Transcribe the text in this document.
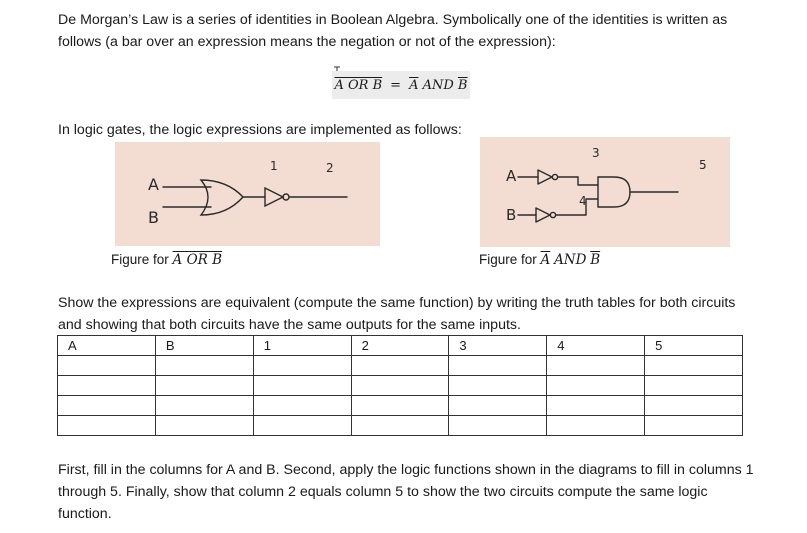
De Morgan’s Law is a series of identities in Boolean Algebra. Symbolically one of the identities is written as follows (a bar over an expression means the negation or not of the expression):

A OR $B = \overline{A}$
AND
$\overline{B}$

In logic gates, the logic expressions are implemented as follows:

A
B
1	2
Figure for A OR B
A
B
3
4
5
Figure for $\overline{A}$ AND $\overline{B}$

Show the expressions are equivalent (compute the same function) by writing the truth tables for both circuits and showing that both circuits have the same outputs for the same inputs.

A	B	1	2	3	4	5

First, fill in the columns for A and B. Second, apply the logic functions shown in the diagrams to fill in columns 1 through 5. Finally, show that column 2 equals column 5 to show the two circuits compute the same logic function.
